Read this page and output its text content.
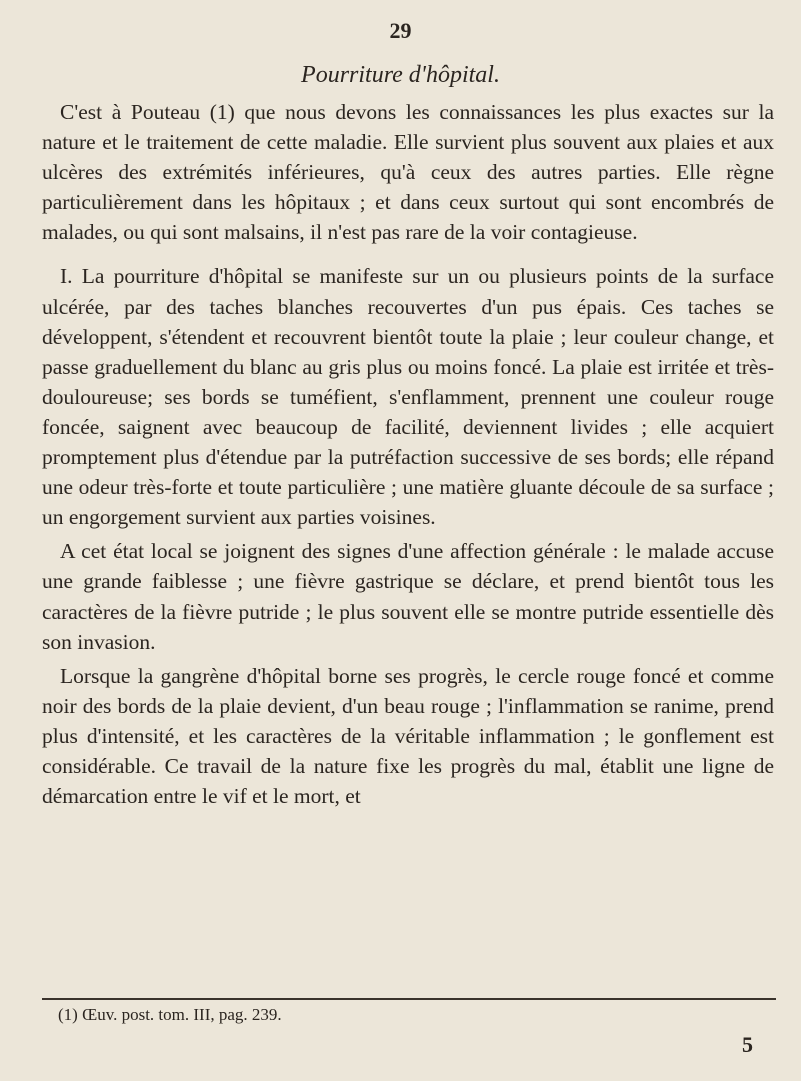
29
Pourriture d'hôpital.

C'est à Pouteau (1) que nous devons les connaissances les plus exactes sur la nature et le traitement de cette maladie. Elle survient plus souvent aux plaies et aux ulcères des extrémités inférieures, qu'à ceux des autres parties. Elle règne particulièrement dans les hôpitaux ; et dans ceux surtout qui sont encombrés de malades, ou qui sont malsains, il n'est pas rare de la voir contagieuse.

I. La pourriture d'hôpital se manifeste sur un ou plusieurs points de la surface ulcérée, par des taches blanches recouvertes d'un pus épais. Ces taches se développent, s'étendent et recouvrent bientôt toute la plaie ; leur couleur change, et passe graduellement du blanc au gris plus ou moins foncé. La plaie est irritée et très-douloureuse; ses bords se tuméfient, s'enflamment, prennent une couleur rouge foncée, saignent avec beaucoup de facilité, deviennent livides ; elle acquiert promptement plus d'étendue par la putréfaction successive de ses bords; elle répand une odeur très-forte et toute particulière ; une matière gluante découle de sa surface ; un engorgement survient aux parties voisines.

A cet état local se joignent des signes d'une affection générale : le malade accuse une grande faiblesse ; une fièvre gastrique se déclare, et prend bientôt tous les caractères de la fièvre putride ; le plus souvent elle se montre putride essentielle dès son invasion.

Lorsque la gangrène d'hôpital borne ses progrès, le cercle rouge foncé et comme noir des bords de la plaie devient, d'un beau rouge ; l'inflammation se ranime, prend plus d'intensité, et les caractères de la véritable inflammation ; le gonflement est considérable. Ce travail de la nature fixe les progrès du mal, établit une ligne de démarcation entre le vif et le mort, et

(1) Œuv. post. tom. III, pag. 239.
5
